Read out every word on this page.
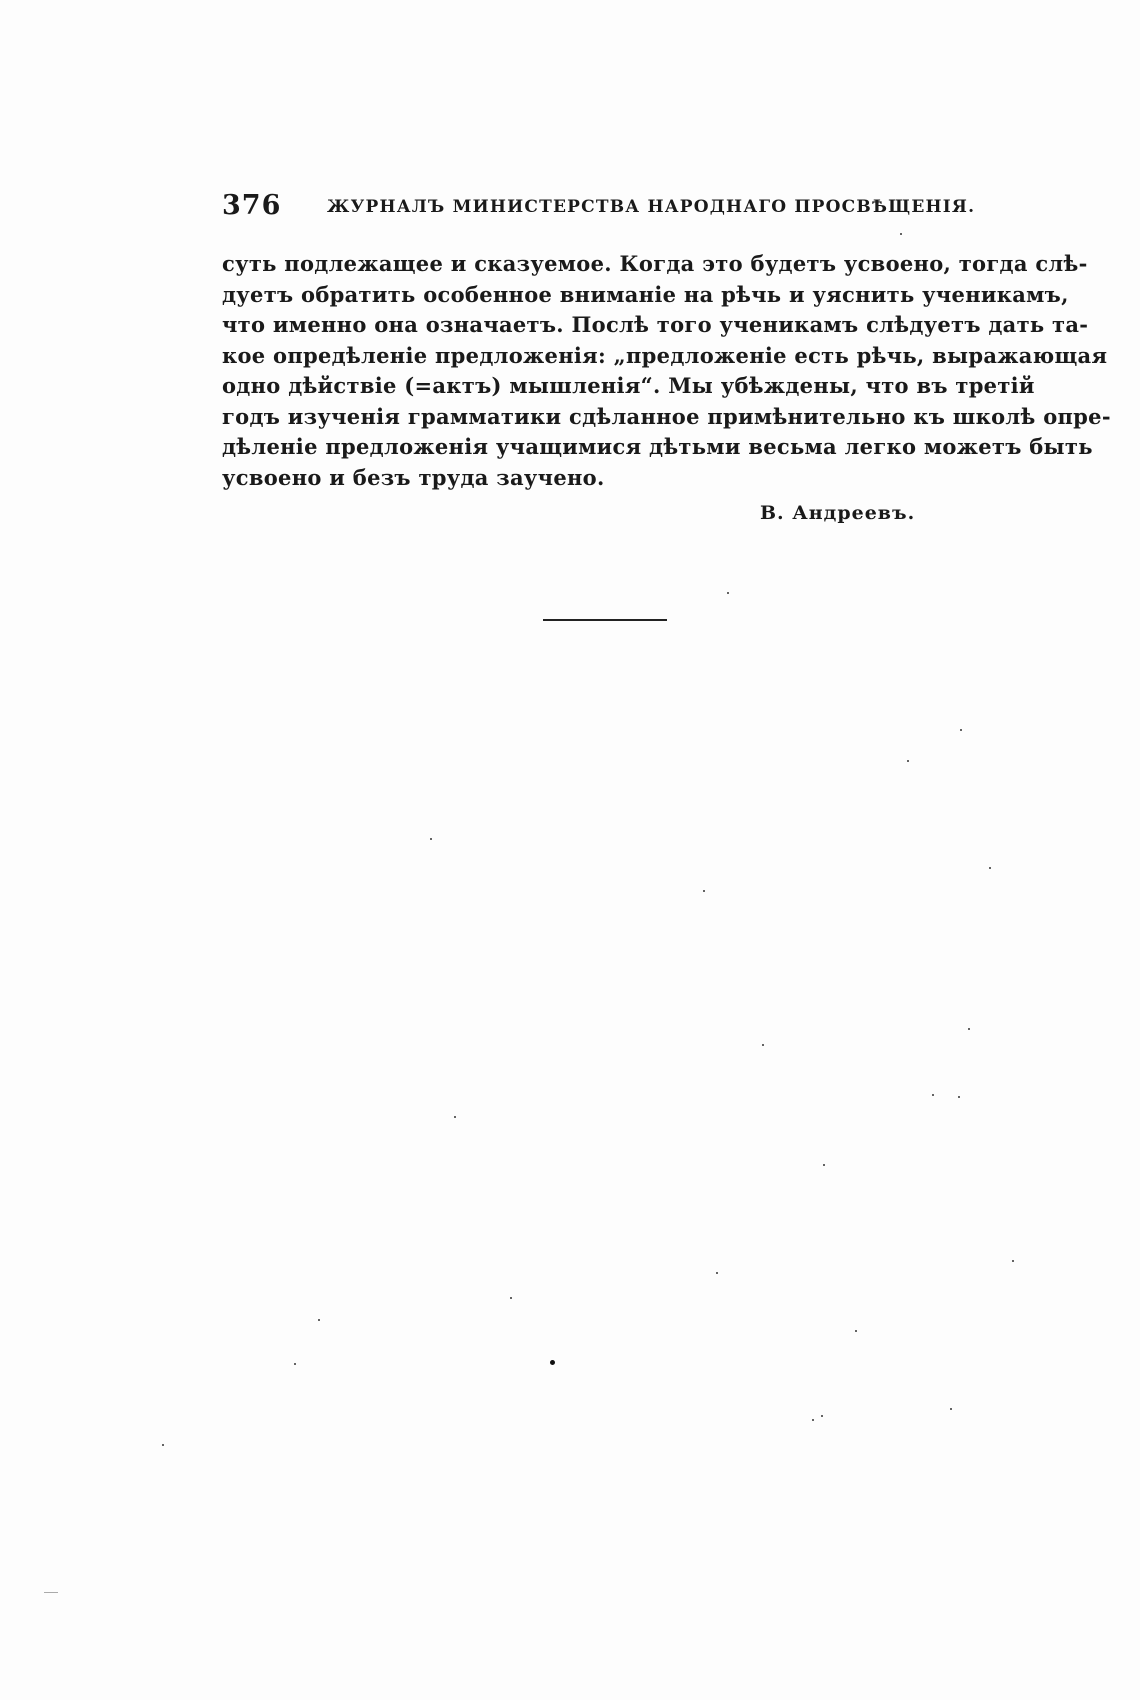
376	ЖУРНАЛЪ МИНИСТЕРСТВА НАРОДНАГО ПРОСВѢЩЕНІЯ.
суть подлежащее и сказуемое. Когда это будетъ усвоено, тогда слѣ-
дуетъ обратить особенное вниманіе на рѣчь и уяснить ученикамъ,
что именно она означаетъ. Послѣ того ученикамъ слѣдуетъ дать та-
кое опредѣленіе предложенія: „предложеніе есть рѣчь, выражающая
одно дѣйствіе (=актъ) мышленія“. Мы убѣждены, что въ третій
годъ изученія грамматики сдѣланное примѣнительно къ школѣ опре-
дѣленіе предложенія учащимися дѣтьми весьма легко можетъ быть
усвоено и безъ труда заучено.
В. Андреевъ.
